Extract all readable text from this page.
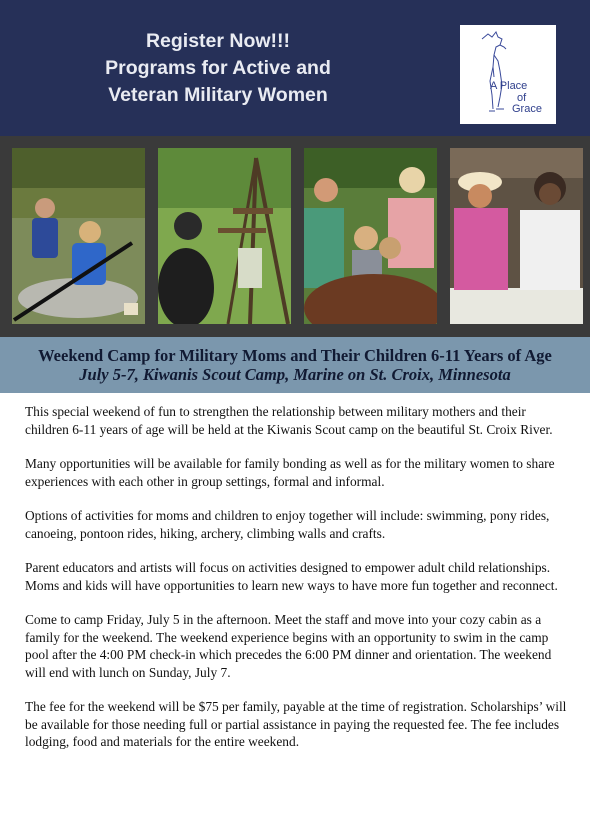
Register Now!!!
Programs for Active and
Veteran Military Women	A Place
of
Grace
Weekend Camp for Military Moms and Their Children 6-11 Years of Age

July 5-7, Kiwanis Scout Camp, Marine on St. Croix, Minnesota

This special weekend of fun to strengthen the relationship between military mothers and their children 6-11 years of age will be held at the Kiwanis Scout camp on the beautiful St. Croix River.

Many opportunities will be available for family bonding as well as for the military women to share experiences with each other in group settings, formal and informal.

Options of activities for moms and children to enjoy together will include: swimming, pony rides, canoeing, pontoon rides, hiking, archery, climbing walls and crafts.

Parent educators and artists will focus on activities designed to empower adult child relationships. Moms and kids will have opportunities to learn new ways to have more fun together and reconnect.

Come to camp Friday, July 5 in the afternoon. Meet the staff and move into your cozy cabin as a family for the weekend. The weekend experience begins with an opportunity to swim in the camp pool after the 4:00 PM check-in which precedes the 6:00 PM dinner and orientation. The weekend will end with lunch on Sunday, July 7.

The fee for the weekend will be $75 per family, payable at the time of registration. Scholarships’ will be available for those needing full or partial assistance in paying the requested fee. The fee includes lodging, food and materials for the entire weekend.
